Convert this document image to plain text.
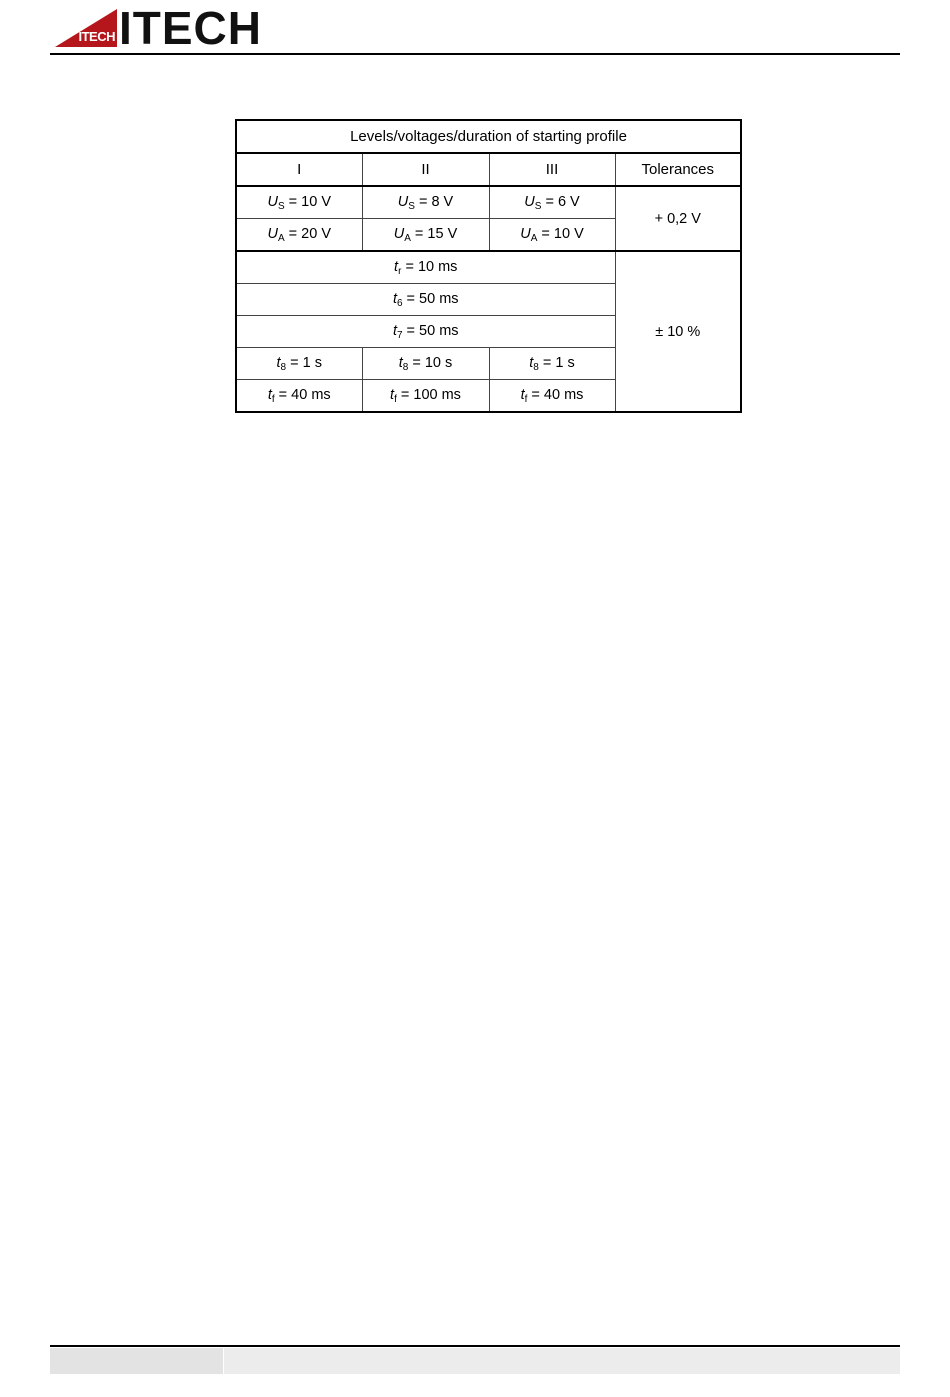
ITECH ITECH
Levels/voltages/duration of starting profile			
I	II	III	Tolerances
$U_S = 10$ V	$U_S = 8$ V	$U_S = 6$ V	+ 0,2 V
$U_A = 20$ V	$U_A = 15$ V	$U_A = 10$ V	
$t_r = 10$ ms			± 10 %
$t_6 = 50$ ms			
$t_7 = 50$ ms			
$t_8 = 1$ s	$t_8 = 10$ s	$t_8 = 1$ s	
$t_f = 40$ ms	$t_f = 100$ ms	$t_f = 40$ ms	
